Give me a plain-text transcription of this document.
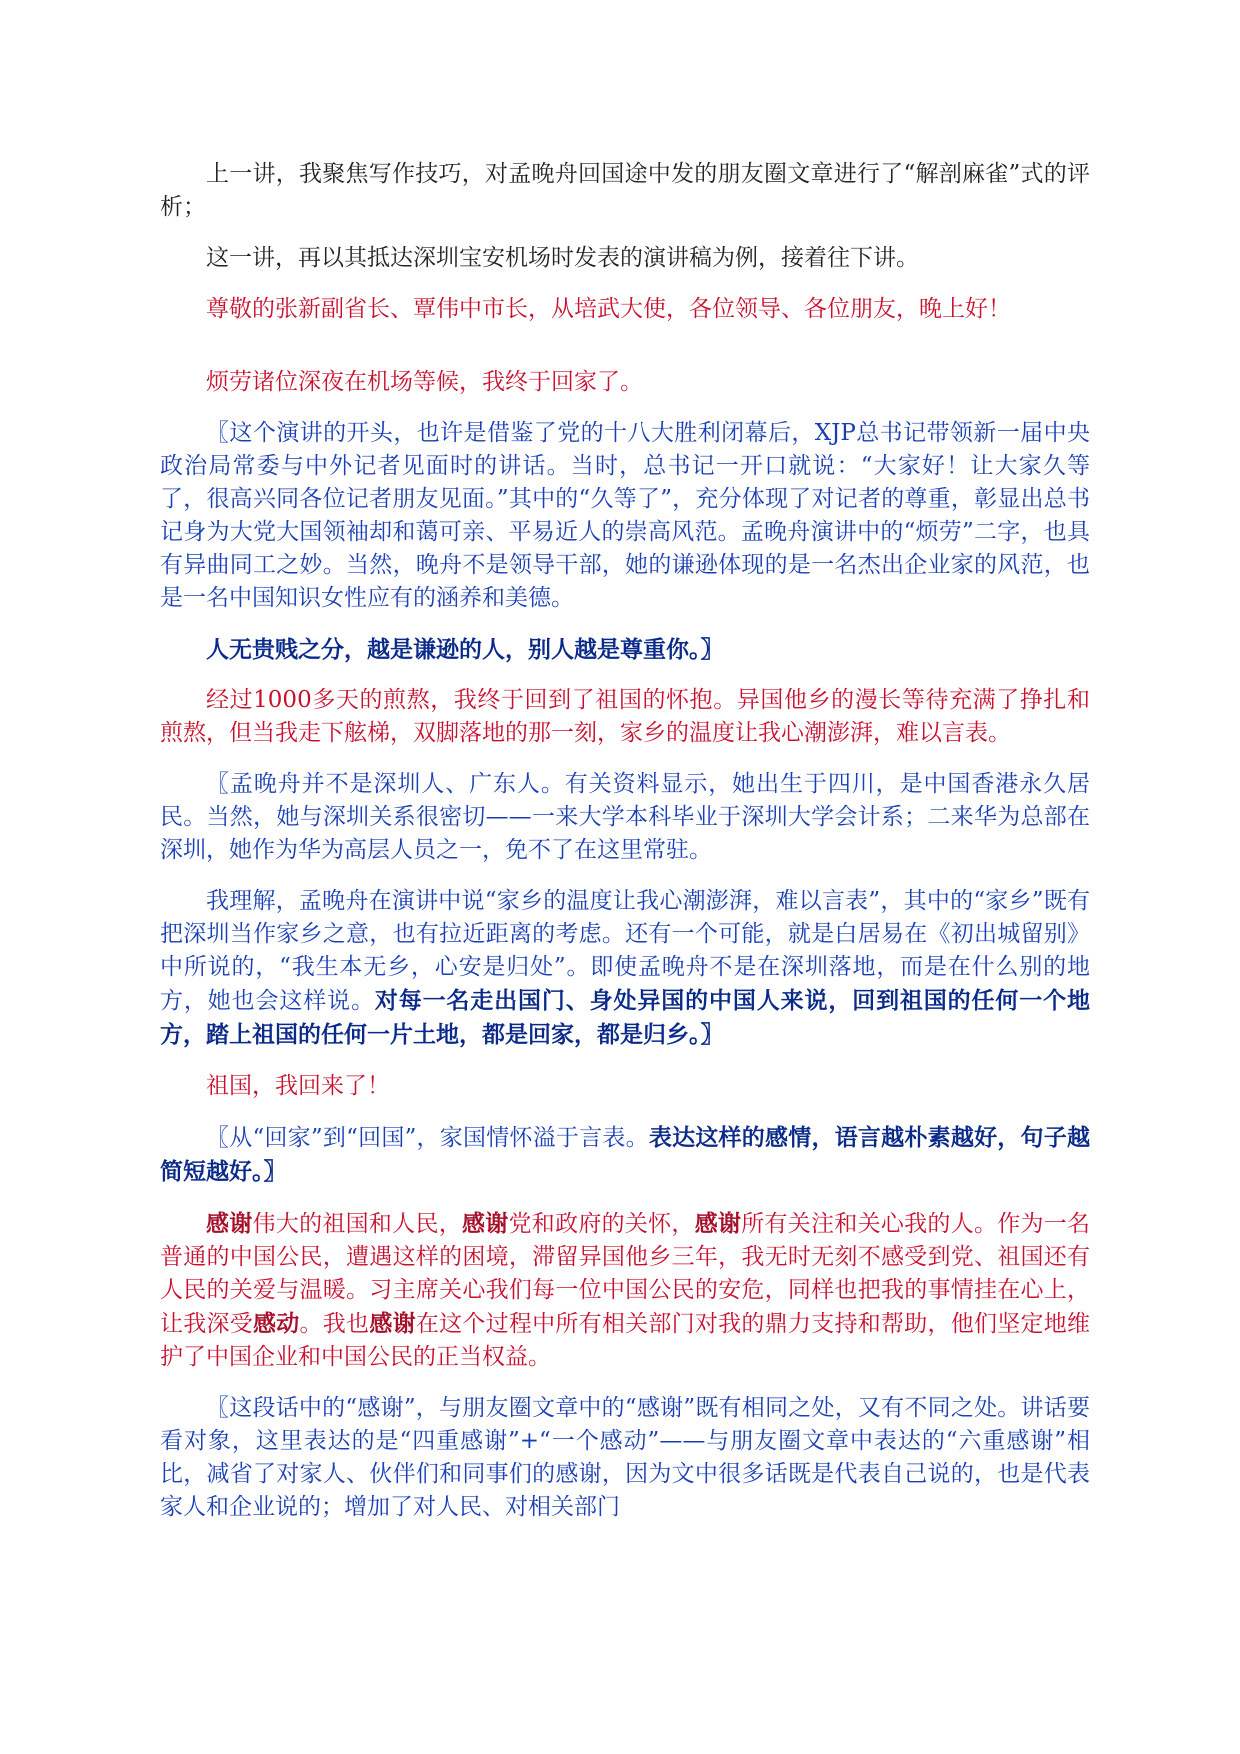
上一讲，我聚焦写作技巧，对孟晚舟回国途中发的朋友圈文章进行了“解剖麻雀”式的评析；

这一讲，再以其抵达深圳宝安机场时发表的演讲稿为例，接着往下讲。

尊敬的张新副省长、覃伟中市长，从培武大使，各位领导、各位朋友，晚上好！

烦劳诸位深夜在机场等候，我终于回家了。

〖这个演讲的开头，也许是借鉴了党的十八大胜利闭幕后，XJP总书记带领新一届中央政治局常委与中外记者见面时的讲话。当时，总书记一开口就说：“大家好！让大家久等了，很高兴同各位记者朋友见面。”其中的“久等了”，充分体现了对记者的尊重，彰显出总书记身为大党大国领袖却和蔼可亲、平易近人的崇高风范。孟晚舟演讲中的“烦劳”二字，也具有异曲同工之妙。当然，晚舟不是领导干部，她的谦逊体现的是一名杰出企业家的风范，也是一名中国知识女性应有的涵养和美德。

人无贵贱之分，越是谦逊的人，别人越是尊重你。〗

经过1000多天的煎熬，我终于回到了祖国的怀抱。异国他乡的漫长等待充满了挣扎和煎熬，但当我走下舷梯，双脚落地的那一刻，家乡的温度让我心潮澎湃，难以言表。

〖孟晚舟并不是深圳人、广东人。有关资料显示，她出生于四川，是中国香港永久居民。当然，她与深圳关系很密切——一来大学本科毕业于深圳大学会计系；二来华为总部在深圳，她作为华为高层人员之一，免不了在这里常驻。

我理解，孟晚舟在演讲中说“家乡的温度让我心潮澎湃，难以言表”，其中的“家乡”既有把深圳当作家乡之意，也有拉近距离的考虑。还有一个可能，就是白居易在《初出城留别》中所说的，“我生本无乡，心安是归处”。即使孟晚舟不是在深圳落地，而是在什么别的地方，她也会这样说。对每一名走出国门、身处异国的中国人来说，回到祖国的任何一个地方，踏上祖国的任何一片土地，都是回家，都是归乡。〗

祖国，我回来了！

〖从“回家”到“回国”，家国情怀溢于言表。表达这样的感情，语言越朴素越好，句子越简短越好。〗

感谢伟大的祖国和人民，感谢党和政府的关怀，感谢所有关注和关心我的人。作为一名普通的中国公民，遭遇这样的困境，滞留异国他乡三年，我无时无刻不感受到党、祖国还有人民的关爱与温暖。习主席关心我们每一位中国公民的安危，同样也把我的事情挂在心上，让我深受感动。我也感谢在这个过程中所有相关部门对我的鼎力支持和帮助，他们坚定地维护了中国企业和中国公民的正当权益。

〖这段话中的“感谢”，与朋友圈文章中的“感谢”既有相同之处，又有不同之处。讲话要看对象，这里表达的是“四重感谢”+“一个感动”——与朋友圈文章中表达的“六重感谢”相比，减省了对家人、伙伴们和同事们的感谢，因为文中很多话既是代表自己说的，也是代表家人和企业说的；增加了对人民、对相关部门
